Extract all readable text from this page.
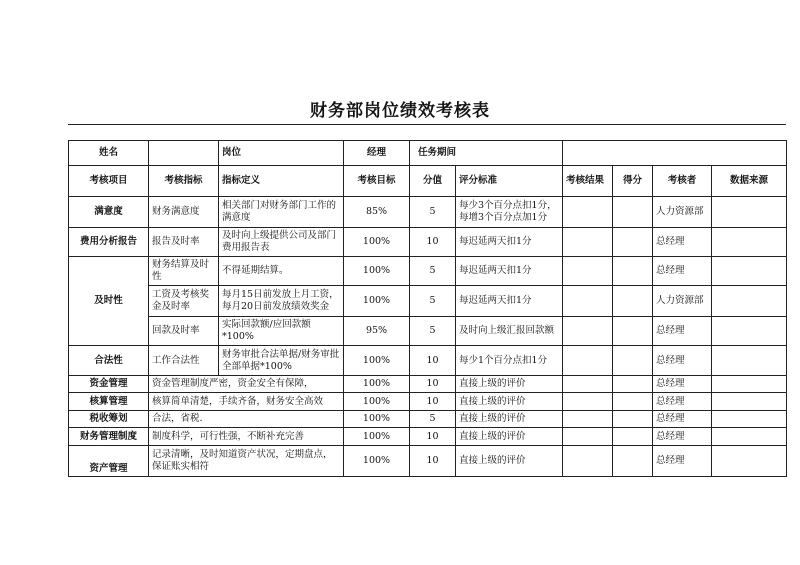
财务部岗位绩效考核表
姓名		岗位	经理	任务期间					
考核项目	考核指标	指标定义	考核目标	分值	评分标准	考核结果	得分	考核者	数据来源
满意度	财务满意度	相关部门对财务部门工作的满意度	85%	5	每少3个百分点扣1分，每增3个百分点加1分			人力资源部	
费用分析报告	报告及时率	及时向上级提供公司及部门费用报告表	100%	10	每迟延两天扣1分			总经理	
及时性	财务结算及时性	不得延期结算。	100%	5	每迟延两天扣1分			总经理	
	工资及考核奖金及时率	每月15日前发放上月工资，每月20日前发放绩效奖金	100%	5	每迟延两天扣1分			人力资源部	
	回款及时率	实际回款额/应回款额*100%	95%	5	及时向上级汇报回款额			总经理	
合法性	工作合法性	财务审批合法单据/财务审批全部单据*100%	100%	10	每少1个百分点扣1分			总经理	
资金管理	资金管理制度严密，资金安全有保障，		100%	10	直接上级的评价			总经理	
核算管理	核算简单清楚，手续齐备，财务安全高效		100%	10	直接上级的评价			总经理	
税收筹划	合法，省税.		100%	5	直接上级的评价			总经理	
财务管理制度	制度科学，可行性强，不断补充完善		100%	10	直接上级的评价			总经理	
资产管理	记录清晰，及时知道资产状况，定期盘点，保证账实相符		100%	10	直接上级的评价			总经理	
